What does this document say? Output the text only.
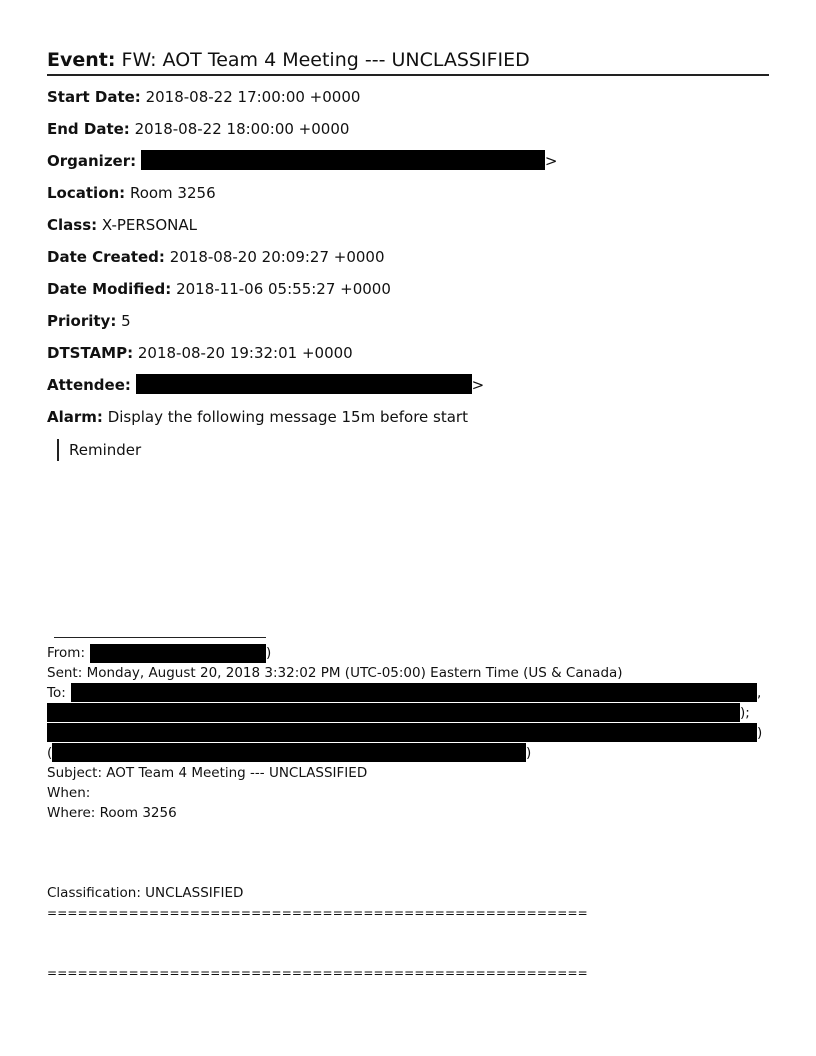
Event: FW: AOT Team 4 Meeting --- UNCLASSIFIED
Start Date: 2018-08-22 17:00:00 +0000
End Date: 2018-08-22 18:00:00 +0000
Organizer:	>
Location: Room 3256
Class: X-PERSONAL
Date Created: 2018-08-20 20:09:27 +0000
Date Modified: 2018-11-06 05:55:27 +0000
Priority: 5
DTSTAMP: 2018-08-20 19:32:01 +0000
Attendee:	>
Alarm: Display the following message 15m before start
Reminder
From:	)
Sent: Monday, August 20, 2018 3:32:02 PM (UTC-05:00) Eastern Time (US & Canada)
To:	,
);
)
(	)
Subject: AOT Team 4 Meeting --- UNCLASSIFIED
When:
Where: Room 3256
Classification: UNCLASSIFIED
=====================================================
=====================================================
